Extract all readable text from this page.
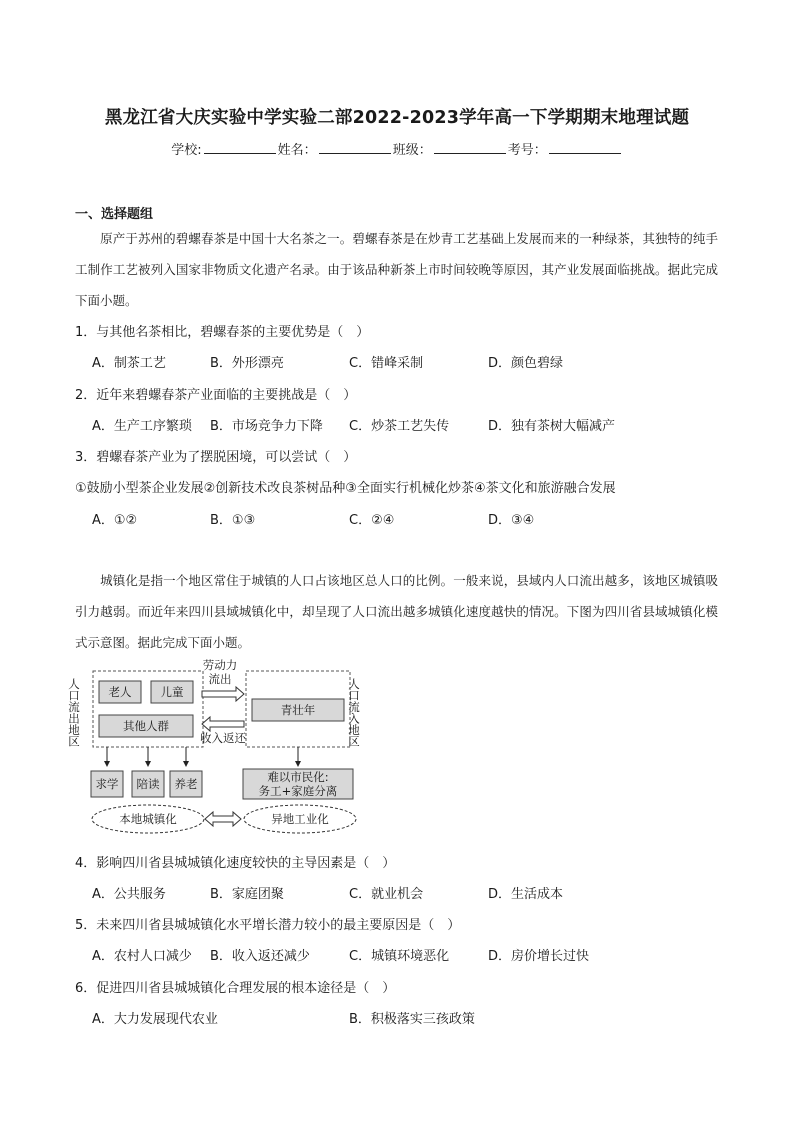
黑龙江省大庆实验中学实验二部2022-2023学年高一下学期期末地理试题
学校:	姓名：	班级：	考号：
一、选择题组
原产于苏州的碧螺春茶是中国十大名茶之一。碧螺春茶是在炒青工艺基础上发展而来的一种绿茶，其独特的纯手工制作工艺被列入国家非物质文化遗产名录。由于该品种新茶上市时间较晚等原因，其产业发展面临挑战。据此完成下面小题。
1．与其他名茶相比，碧螺春茶的主要优势是（　）
A．制茶工艺	B．外形漂亮	C．错峰采制	D．颜色碧绿
2．近年来碧螺春茶产业面临的主要挑战是（　）
A．生产工序繁琐 B．市场竞争力下降 C．炒茶工艺失传	D．独有茶树大幅减产
3．碧螺春茶产业为了摆脱困境，可以尝试（　）
①鼓励小型茶企业发展②创新技术改良茶树品种③全面实行机械化炒茶④茶文化和旅游融合发展
A．①②	B．①③	C．②④	D．③④
城镇化是指一个地区常住于城镇的人口占该地区总人口的比例。一般来说，县域内人口流出越多，该地区城镇吸引力越弱。而近年来四川县域城镇化中，却呈现了人口流出越多城镇化速度越快的情况。下图为四川省县域城镇化模式示意图。据此完成下面小题。
人口流出地区 老人	儿童
其他人群
劳动力
流出
收入返还
青壮年	人口流入地区
求学 陪读 养老	难以市民化:
务工+家庭分离
本地城镇化	异地工业化
4．影响四川省县城城镇化速度较快的主导因素是（　）
A．公共服务	B．家庭团聚	C．就业机会	D．生活成本
5．未来四川省县城城镇化水平增长潜力较小的最主要原因是（　）
A．农村人口减少 B．收入返还减少	C．城镇环境恶化	D．房价增长过快
6．促进四川省县城城镇化合理发展的根本途径是（　）
A．大力发展现代农业	B．积极落实三孩政策
